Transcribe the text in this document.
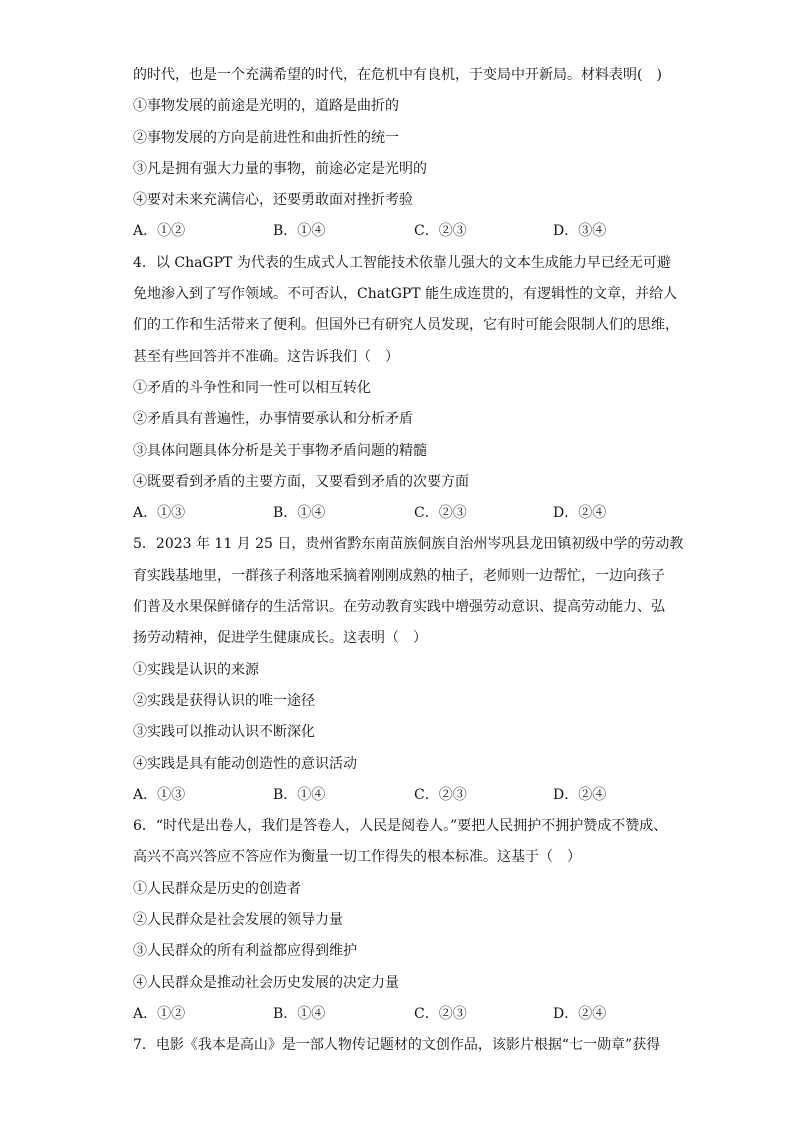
的时代，也是一个充满希望的时代，在危机中有良机，于变局中开新局。材料表明(　)
①事物发展的前途是光明的，道路是曲折的
②事物发展的方向是前进性和曲折性的统一
③凡是拥有强大力量的事物，前途必定是光明的
④要对未来充满信心，还要勇敢面对挫折考验
A．①②	B．①④	C．②③	D．③④
4．以 ChaGPT 为代表的生成式人工智能技术依靠儿强大的文本生成能力早已经无可避
免地渗入到了写作领域。不可否认，ChatGPT 能生成连贯的，有逻辑性的文章，并给人
们的工作和生活带来了便利。但国外已有研究人员发现，它有时可能会限制人们的思维，
甚至有些回答并不准确。这告诉我们（　）
①矛盾的斗争性和同一性可以相互转化
②矛盾具有普遍性，办事情要承认和分析矛盾
③具体问题具体分析是关于事物矛盾问题的精髓
④既要看到矛盾的主要方面，又要看到矛盾的次要方面
A．①③	B．①④	C．②③	D．②④
5．2023 年 11 月 25 日，贵州省黔东南苗族侗族自治州岑巩县龙田镇初级中学的劳动教
育实践基地里，一群孩子利落地采摘着刚刚成熟的柚子，老师则一边帮忙，一边向孩子
们普及水果保鲜储存的生活常识。在劳动教育实践中增强劳动意识、提高劳动能力、弘
扬劳动精神，促进学生健康成长。这表明（　）
①实践是认识的来源
②实践是获得认识的唯一途径
③实践可以推动认识不断深化
④实践是具有能动创造性的意识活动
A．①③	B．①④	C．②③	D．②④
6．“时代是出卷人，我们是答卷人，人民是阅卷人。”要把人民拥护不拥护赞成不赞成、
高兴不高兴答应不答应作为衡量一切工作得失的根本标准。这基于（　）
①人民群众是历史的创造者
②人民群众是社会发展的领导力量
③人民群众的所有利益都应得到维护
④人民群众是推动社会历史发展的决定力量
A．①②	B．①④	C．②③	D．②④
7．电影《我本是高山》是一部人物传记题材的文创作品，该影片根据“七一勋章”获得
